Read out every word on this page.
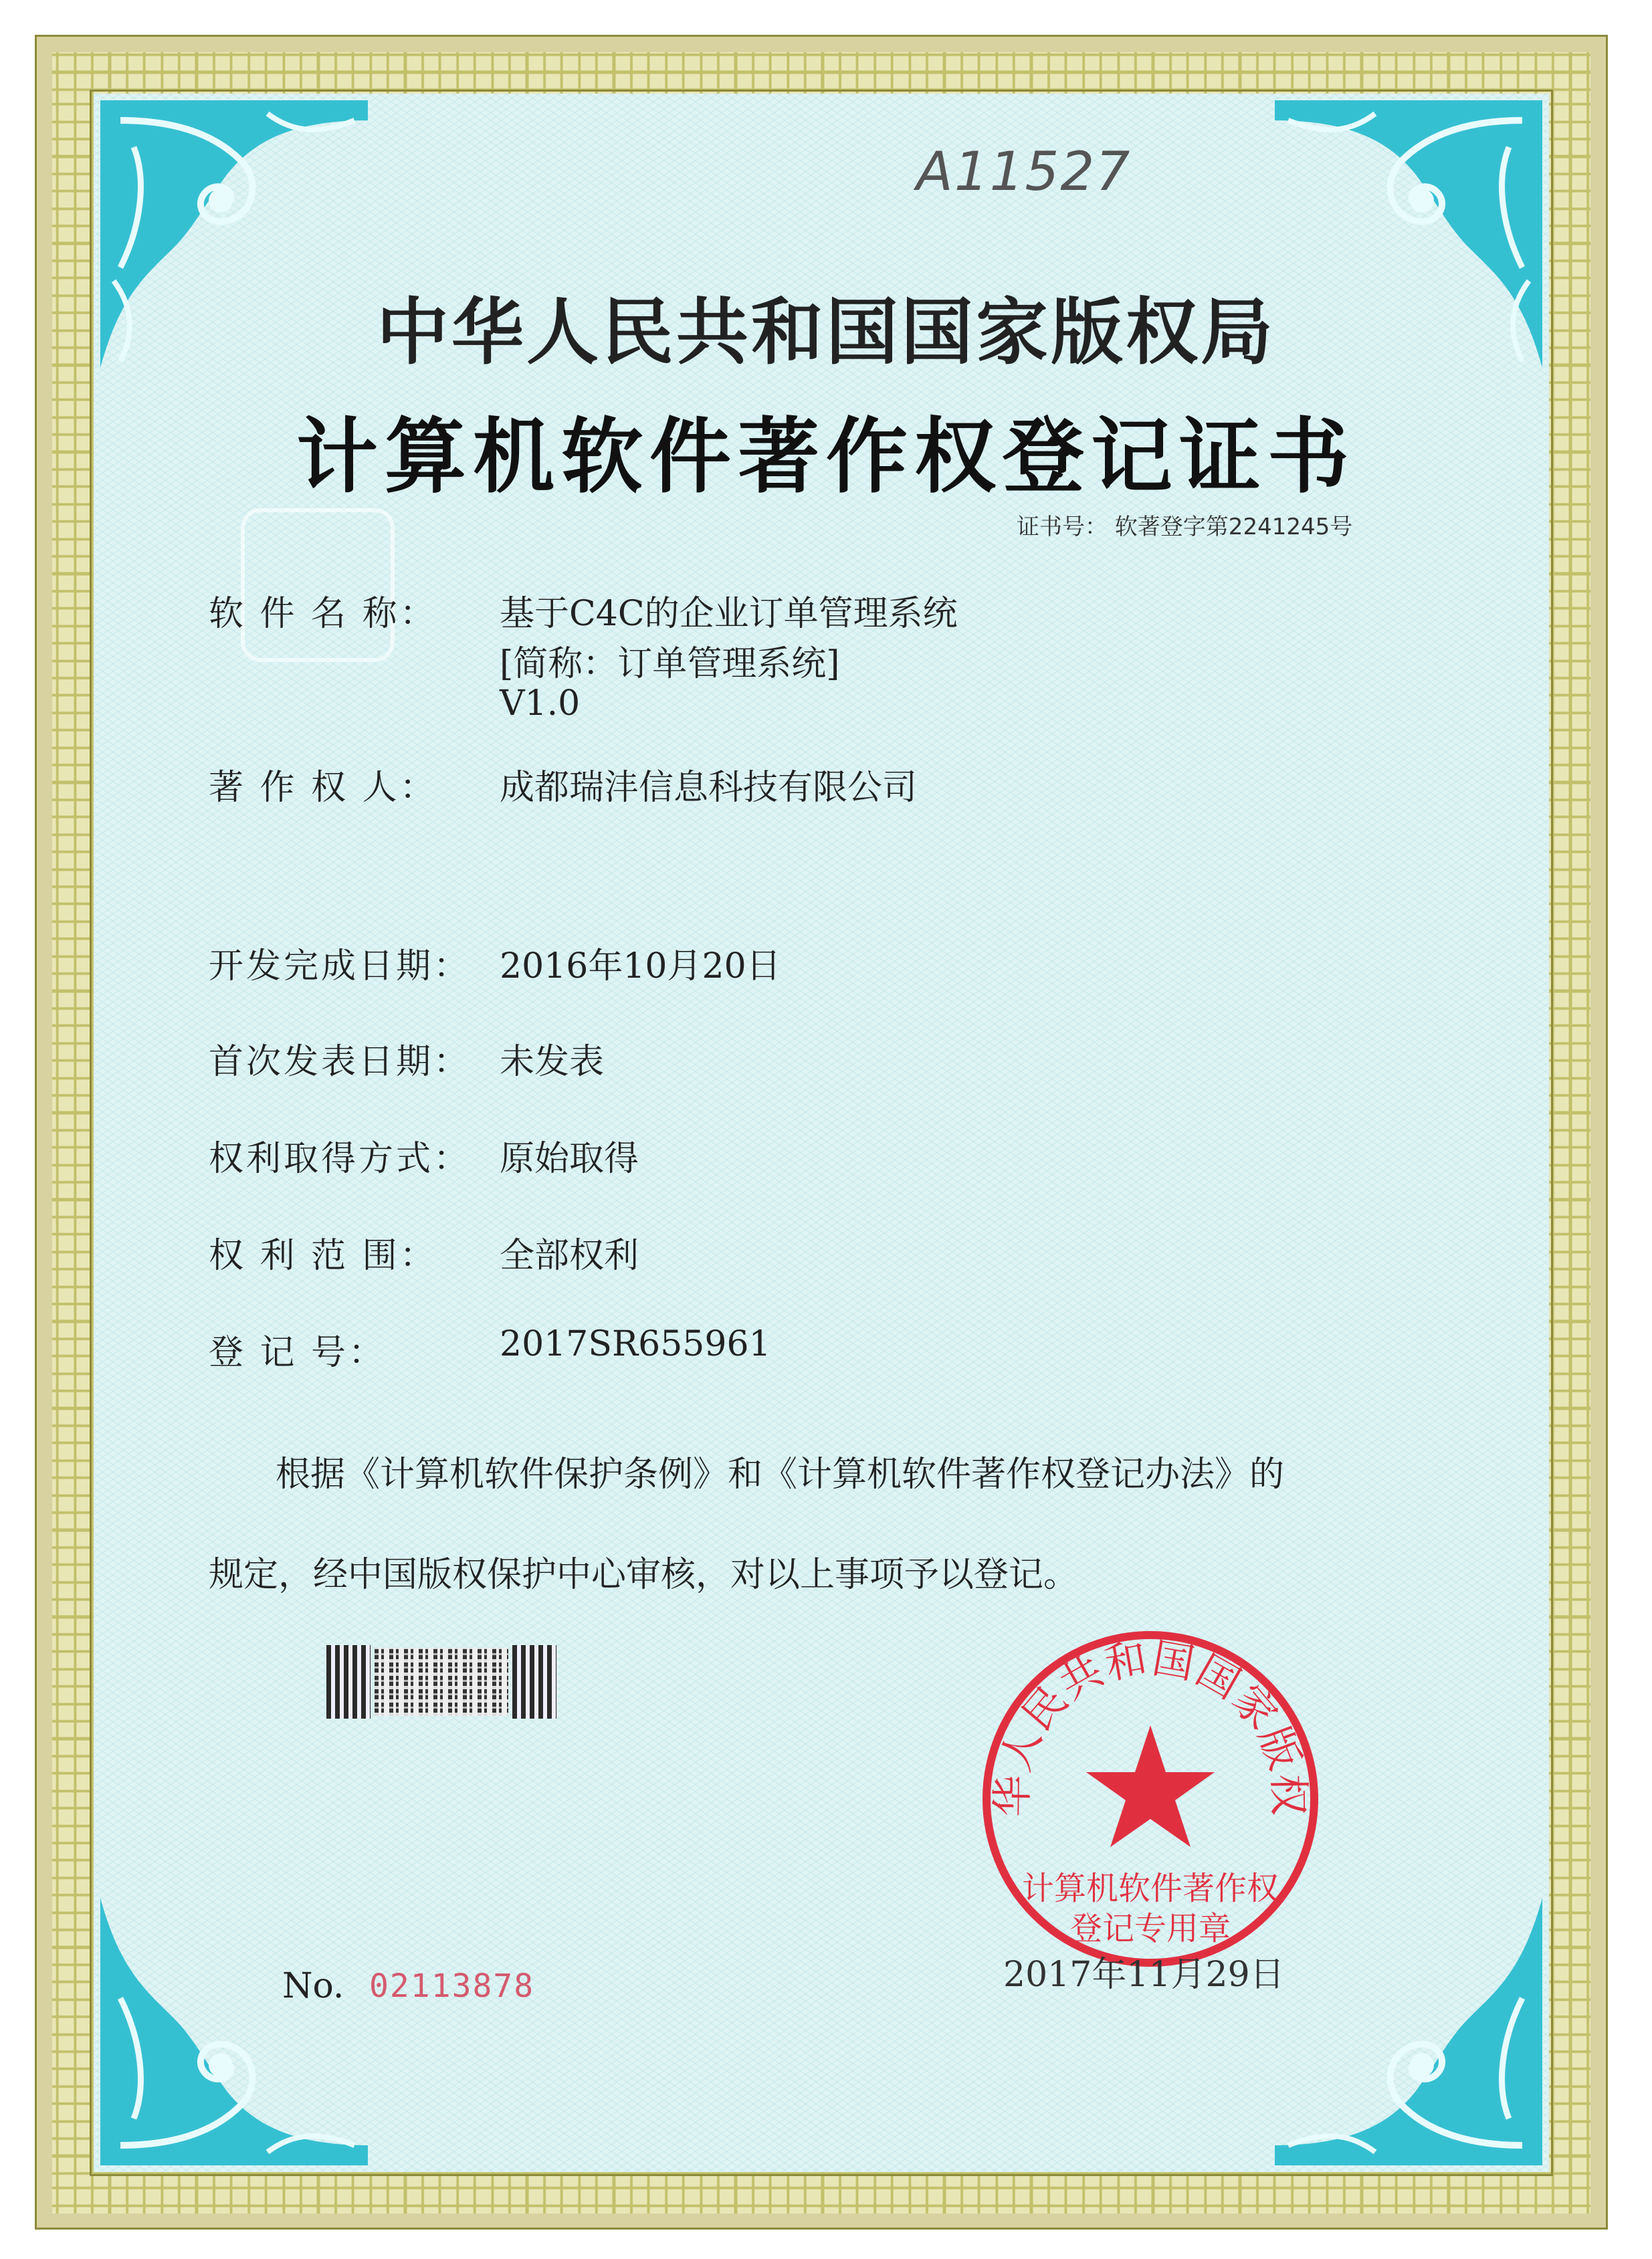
A11527
中华人民共和国国家版权局
计算机软件著作权登记证书
证书号： 软著登字第2241245号
软 件 名 称： 基于C4C的企业订单管理系统
[简称：订单管理系统]
V1.0
著 作 权 人： 成都瑞沣信息科技有限公司
开发完成日期： 2016年10月20日
首次发表日期： 未发表
权利取得方式： 原始取得
权 利 范 围： 全部权利
登 记 号：	2017SR655961
根据《计算机软件保护条例》和《计算机软件著作权登记办法》的
规定，经中国版权保护中心审核，对以上事项予以登记。
No. 02113878
华人民共和国国家版权
计算机软件著作权
登记专用章
2017年11月29日
